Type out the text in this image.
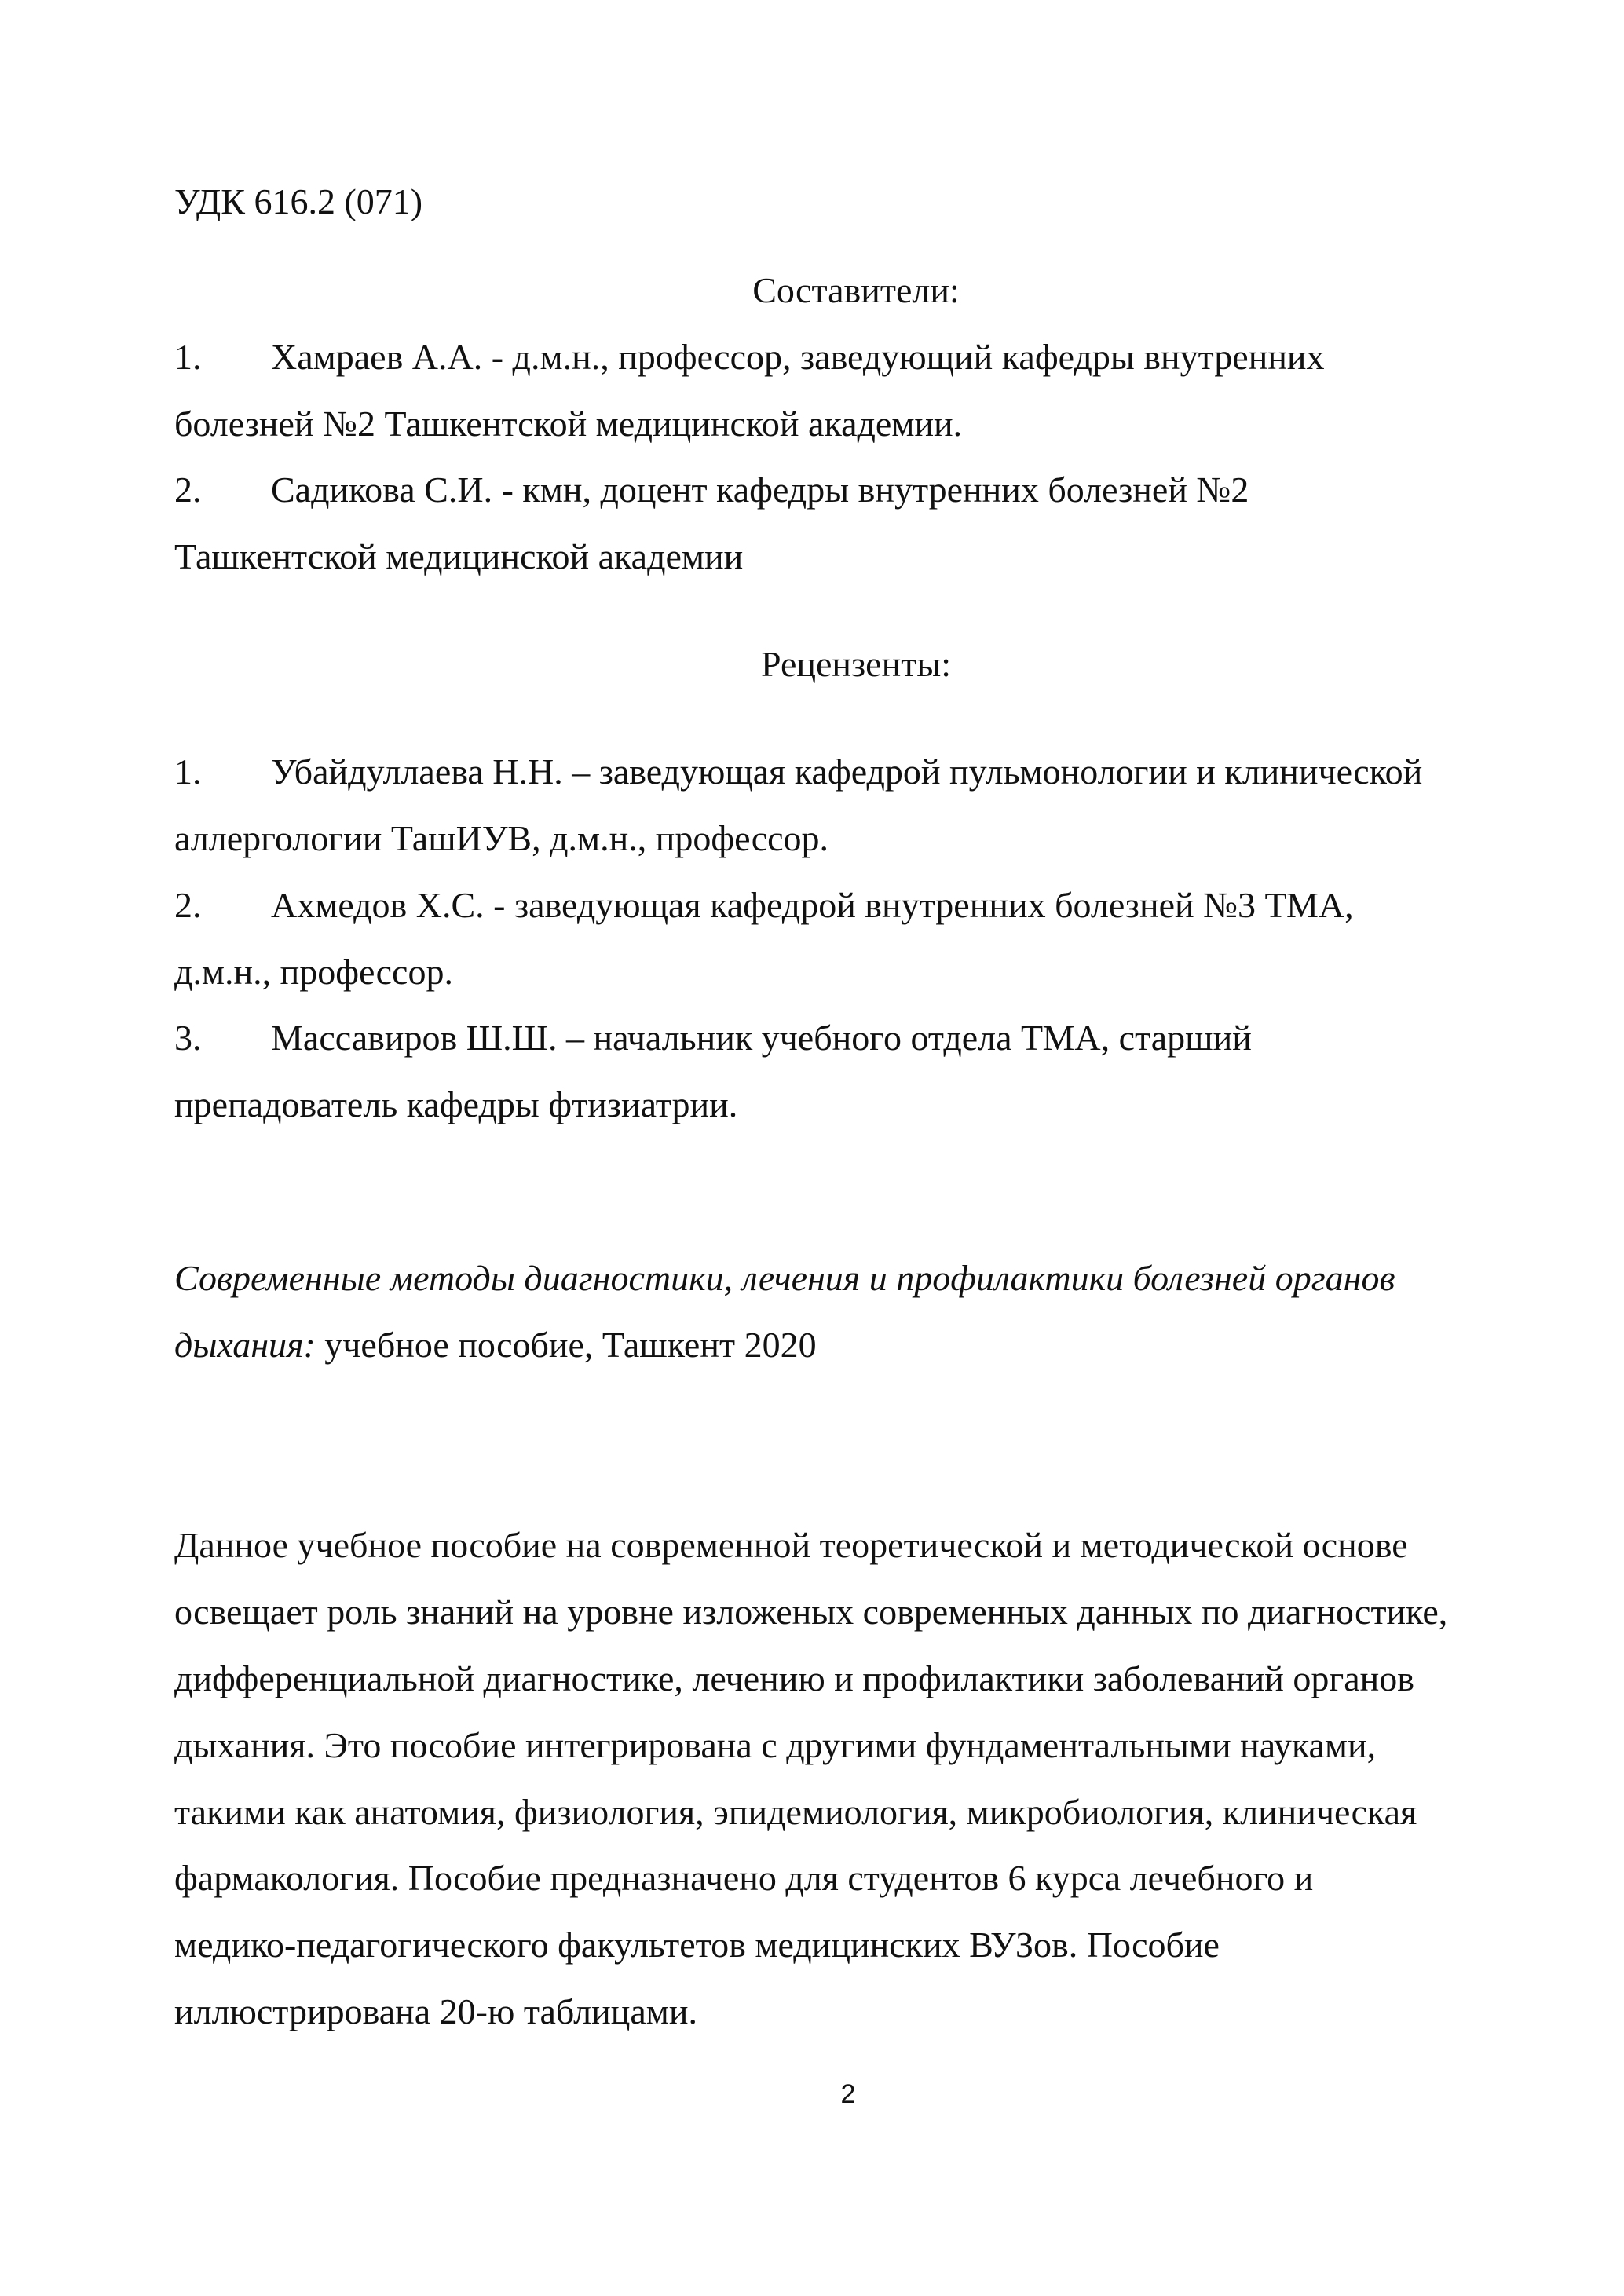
УДК 616.2 (071)
Составители:
1. Хамраев А.А. - д.м.н., профессор, заведующий кафедры внутренних
болезней №2 Ташкентской медицинской академии.
2. Садикова С.И. - кмн, доцент кафедры внутренних болезней №2
Ташкентской медицинской академии
Рецензенты:
1. Убайдуллаева Н.Н. – заведующая кафедрой пульмонологии и клинической
аллергологии ТашИУВ, д.м.н., профессор.
2. Ахмедов Х.С. - заведующая кафедрой внутренних болезней №3 ТМА,
д.м.н., профессор.
3. Массавиров Ш.Ш. – начальник учебного отдела ТМА, старший
препадователь кафедры фтизиатрии.
Современные методы диагностики, лечения и профилактики болезней органов
дыхания: учебное пособие, Ташкент 2020
Данное учебное пособие на современной теоретической и методической основе
освещает роль знаний на уровне изложеных современных данных по диагностике,
дифференциальной диагностике, лечению и профилактики заболеваний органов
дыхания. Это пособие интегрирована с другими фундаментальными науками,
такими как анатомия, физиология, эпидемиология, микробиология, клиническая
фармакология. Пособие предназначено для студентов 6 курса лечебного и
медико-педагогического факультетов медицинских ВУЗов. Пособие
иллюстрирована 20-ю таблицами.
2
